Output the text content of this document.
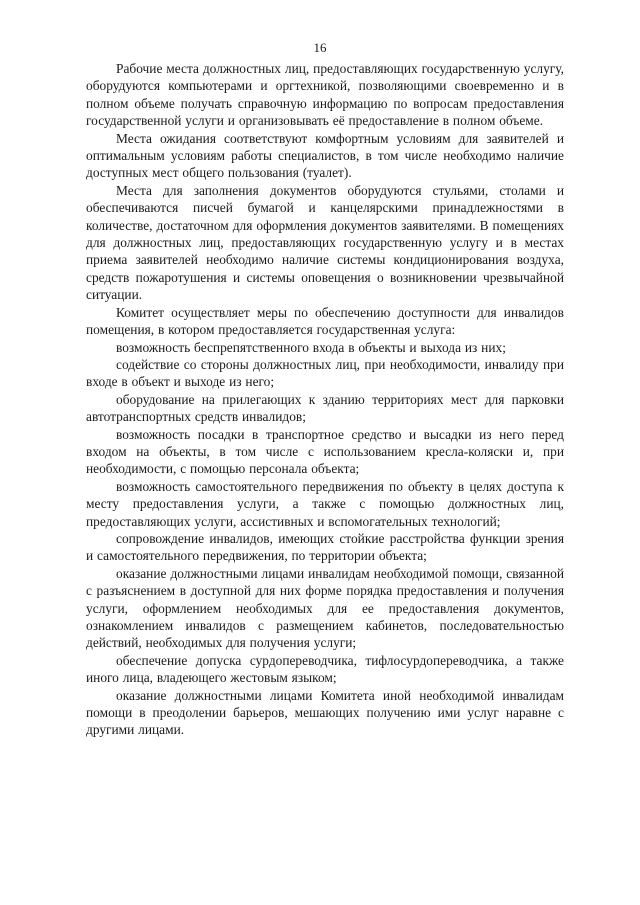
16

Рабочие места должностных лиц, предоставляющих государственную услугу, оборудуются компьютерами и оргтехникой, позволяющими своевременно и в полном объеме получать справочную информацию по вопросам предоставления государственной услуги и организовывать её предоставление в полном объеме.

Места ожидания соответствуют комфортным условиям для заявителей и оптимальным условиям работы специалистов, в том числе необходимо наличие доступных мест общего пользования (туалет).

Места для заполнения документов оборудуются стульями, столами и обеспечиваются писчей бумагой и канцелярскими принадлежностями в количестве, достаточном для оформления документов заявителями. В помещениях для должностных лиц, предоставляющих государственную услугу и в местах приема заявителей необходимо наличие системы кондиционирования воздуха, средств пожаротушения и системы оповещения о возникновении чрезвычайной ситуации.

Комитет осуществляет меры по обеспечению доступности для инвалидов помещения, в котором предоставляется государственная услуга:

возможность беспрепятственного входа в объекты и выхода из них;

содействие со стороны должностных лиц, при необходимости, инвалиду при входе в объект и выходе из него;

оборудование на прилегающих к зданию территориях мест для парковки автотранспортных средств инвалидов;

возможность посадки в транспортное средство и высадки из него перед входом на объекты, в том числе с использованием кресла-коляски и, при необходимости, с помощью персонала объекта;

возможность самостоятельного передвижения по объекту в целях доступа к месту предоставления услуги, а также с помощью должностных лиц, предоставляющих услуги, ассистивных и вспомогательных технологий;

сопровождение инвалидов, имеющих стойкие расстройства функции зрения и самостоятельного передвижения, по территории объекта;

оказание должностными лицами инвалидам необходимой помощи, связанной с разъяснением в доступной для них форме порядка предоставления и получения услуги, оформлением необходимых для ее предоставления документов, ознакомлением инвалидов с размещением кабинетов, последовательностью действий, необходимых для получения услуги;

обеспечение допуска сурдопереводчика, тифлосурдопереводчика, а также иного лица, владеющего жестовым языком;

оказание должностными лицами Комитета иной необходимой инвалидам помощи в преодолении барьеров, мешающих получению ими услуг наравне с другими лицами.
